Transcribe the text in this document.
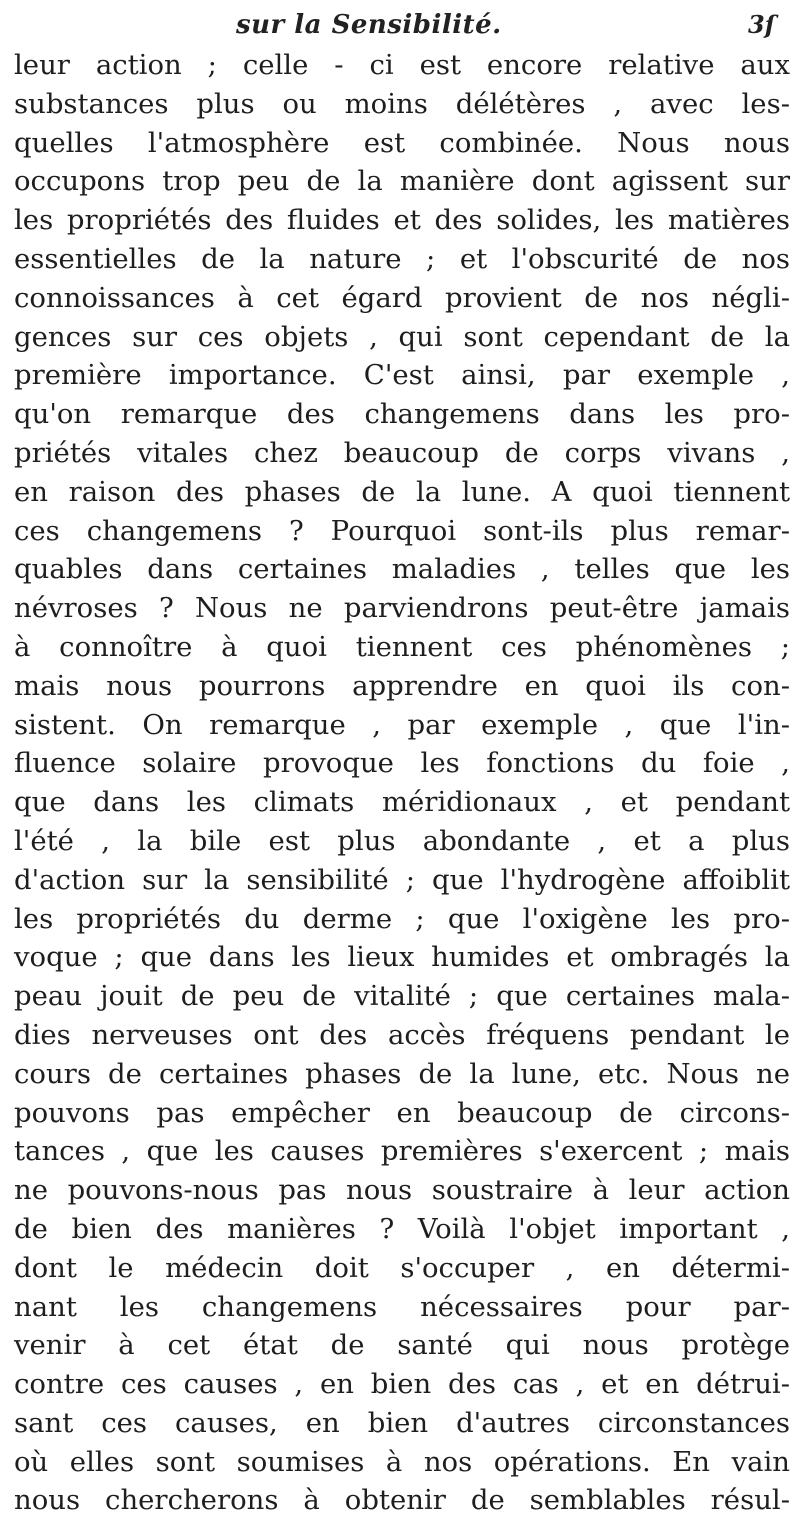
sur la Sensibilité.	3ſ
leur action ; celle - ci est encore relative aux
substances plus ou moins délétères , avec les-
quelles l'atmosphère est combinée. Nous nous
occupons trop peu de la manière dont agissent sur
les propriétés des fluides et des solides, les matières
essentielles de la nature ; et l'obscurité de nos
connoissances à cet égard provient de nos négli-
gences sur ces objets , qui sont cependant de la
première importance. C'est ainsi, par exemple ,
qu'on remarque des changemens dans les pro-
priétés vitales chez beaucoup de corps vivans ,
en raison des phases de la lune. A quoi tiennent
ces changemens ? Pourquoi sont-ils plus remar-
quables dans certaines maladies , telles que les
névroses ? Nous ne parviendrons peut-être jamais
à connoître à quoi tiennent ces phénomènes ;
mais nous pourrons apprendre en quoi ils con-
sistent. On remarque , par exemple , que l'in-
fluence solaire provoque les fonctions du foie ,
que dans les climats méridionaux , et pendant
l'été , la bile est plus abondante , et a plus
d'action sur la sensibilité ; que l'hydrogène affoiblit
les propriétés du derme ; que l'oxigène les pro-
voque ; que dans les lieux humides et ombragés la
peau jouit de peu de vitalité ; que certaines mala-
dies nerveuses ont des accès fréquens pendant le
cours de certaines phases de la lune, etc. Nous ne
pouvons pas empêcher en beaucoup de circons-
tances , que les causes premières s'exercent ; mais
ne pouvons-nous pas nous soustraire à leur action
de bien des manières ? Voilà l'objet important ,
dont le médecin doit s'occuper , en détermi-
nant les changemens nécessaires pour par-
venir à cet état de santé qui nous protège
contre ces causes , en bien des cas , et en détrui-
sant ces causes, en bien d'autres circonstances
où elles sont soumises à nos opérations. En vain
nous chercherons à obtenir de semblables résul-
